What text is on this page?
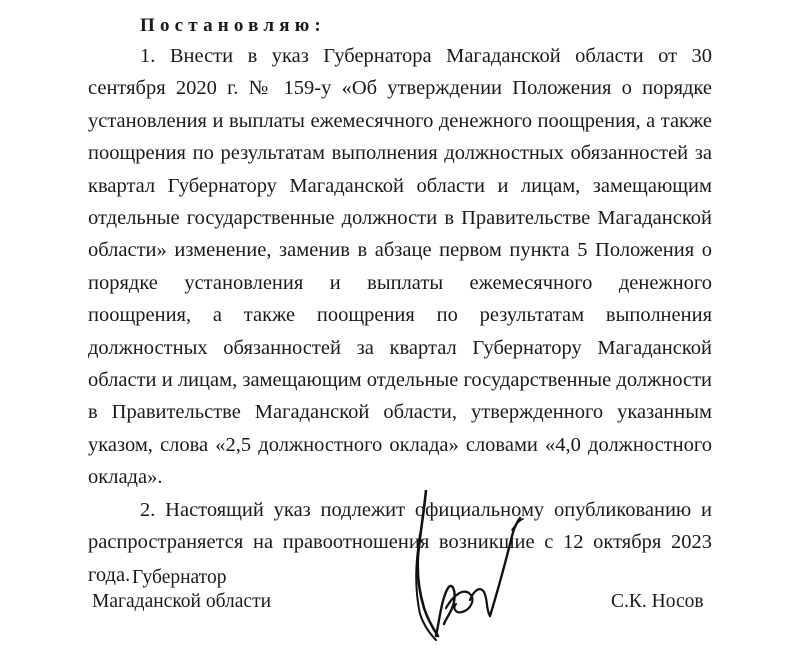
Постановляю:

1. Внести в указ Губернатора Магаданской области от 30 сентября 2020 г. № 159-у «Об утверждении Положения о порядке установления и выплаты ежемесячного денежного поощрения, а также поощрения по результатам выполнения должностных обязанностей за квартал Губернатору Магаданской области и лицам, замещающим отдельные государственные должности в Правительстве Магаданской области» изменение, заменив в абзаце первом пункта 5 Положения о порядке установления и выплаты ежемесячного денежного поощрения, а также поощрения по результатам выполнения должностных обязанностей за квартал Губернатору Магаданской области и лицам, замещающим отдельные государственные должности в Правительстве Магаданской области, утвержденного указанным указом, слова «2,5 должностного оклада» словами «4,0 должностного оклада».

2. Настоящий указ подлежит официальному опубликованию и распространяется на правоотношения возникшие с 12 октября 2023 года. Губернатор
Магаданской области	С.К. Носов
